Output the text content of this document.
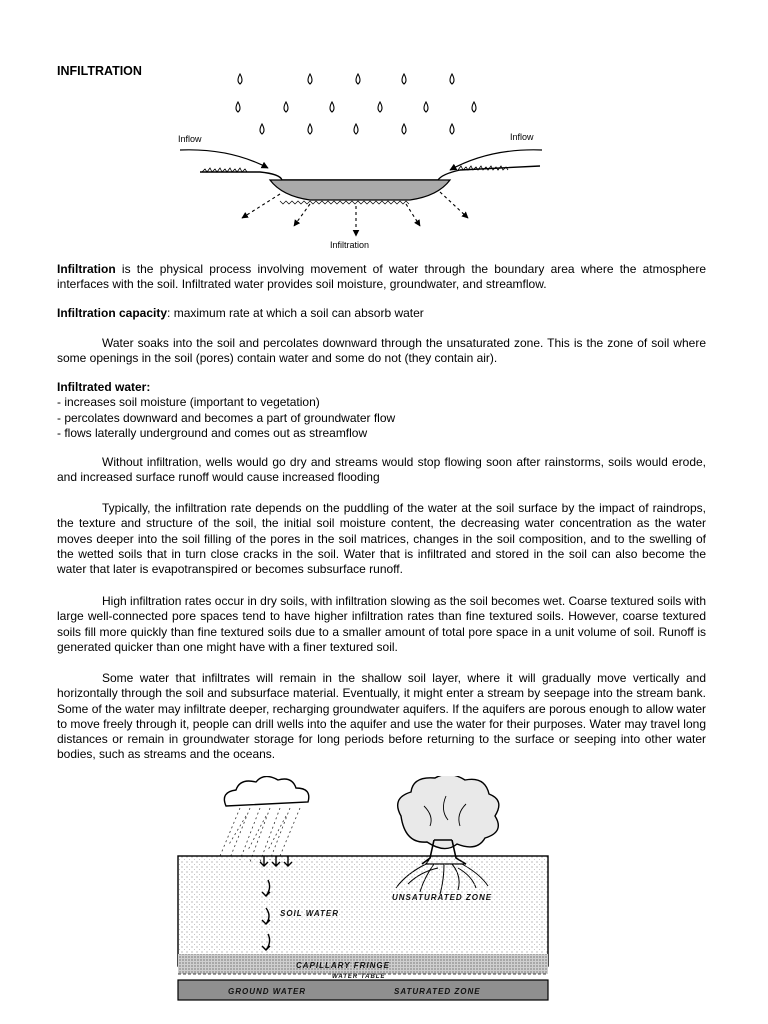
INFILTRATION
Inflow	Inflow
Infiltration
Infiltration is the physical process involving movement of water through the boundary area where the atmosphere interfaces with the soil. Infiltrated water provides soil moisture, groundwater, and streamflow.
Infiltration capacity: maximum rate at which a soil can absorb water
Water soaks into the soil and percolates downward through the unsaturated zone. This is the zone of soil where some openings in the soil (pores) contain water and some do not (they contain air).
Infiltrated water:
- increases soil moisture (important to vegetation)
- percolates downward and becomes a part of groundwater flow
- flows laterally underground and comes out as streamflow
Without infiltration, wells would go dry and streams would stop flowing soon after rainstorms, soils would erode, and increased surface runoff would cause increased flooding
Typically, the infiltration rate depends on the puddling of the water at the soil surface by the impact of raindrops, the texture and structure of the soil, the initial soil moisture content, the decreasing water concentration as the water moves deeper into the soil filling of the pores in the soil matrices, changes in the soil composition, and to the swelling of the wetted soils that in turn close cracks in the soil. Water that is infiltrated and stored in the soil can also become the water that later is evapotranspired or becomes subsurface runoff.
High infiltration rates occur in dry soils, with infiltration slowing as the soil becomes wet. Coarse textured soils with large well-connected pore spaces tend to have higher infiltration rates than fine textured soils. However, coarse textured soils fill more quickly than fine textured soils due to a smaller amount of total pore space in a unit volume of soil. Runoff is generated quicker than one might have with a finer textured soil.
Some water that infiltrates will remain in the shallow soil layer, where it will gradually move vertically and horizontally through the soil and subsurface material. Eventually, it might enter a stream by seepage into the stream bank. Some of the water may infiltrate deeper, recharging groundwater aquifers. If the aquifers are porous enough to allow water to move freely through it, people can drill wells into the aquifer and use the water for their purposes. Water may travel long distances or remain in groundwater storage for long periods before returning to the surface or seeping into other water bodies, such as streams and the oceans.
UNSATURATED ZONE
SOIL WATER
CAPILLARY FRINGE
WATER TABLE
GROUND WATER	SATURATED ZONE
